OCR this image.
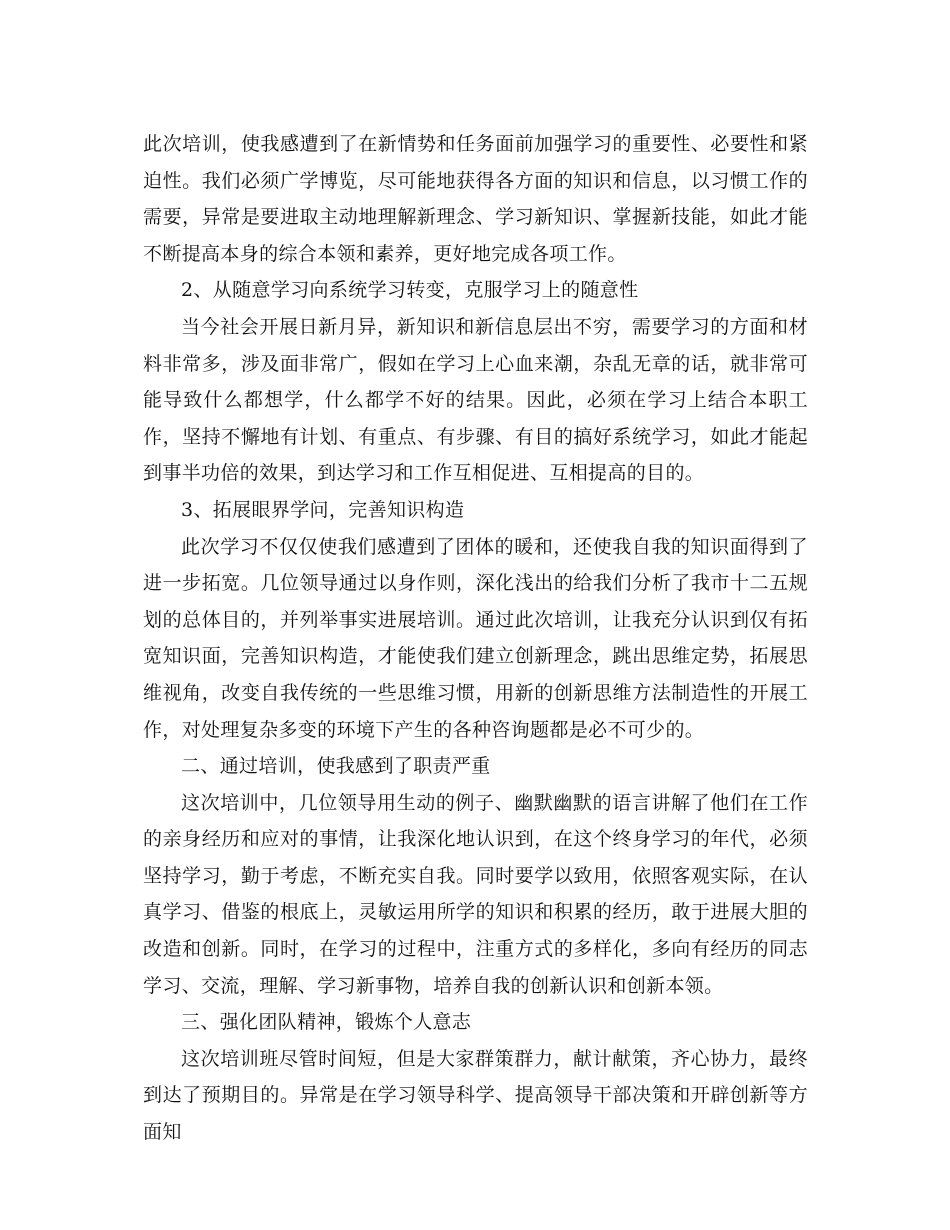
此次培训，使我感遭到了在新情势和任务面前加强学习的重要性、必要性和紧迫性。我们必须广学博览，尽可能地获得各方面的知识和信息，以习惯工作的需要，异常是要进取主动地理解新理念、学习新知识、掌握新技能，如此才能不断提高本身的综合本领和素养，更好地完成各项工作。

2、从随意学习向系统学习转变，克服学习上的随意性

当今社会开展日新月异，新知识和新信息层出不穷，需要学习的方面和材料非常多，涉及面非常广，假如在学习上心血来潮，杂乱无章的话，就非常可能导致什么都想学，什么都学不好的结果。因此，必须在学习上结合本职工作，坚持不懈地有计划、有重点、有步骤、有目的搞好系统学习，如此才能起到事半功倍的效果，到达学习和工作互相促进、互相提高的目的。

3、拓展眼界学问，完善知识构造

此次学习不仅仅使我们感遭到了团体的暖和，还使我自我的知识面得到了进一步拓宽。几位领导通过以身作则，深化浅出的给我们分析了我市十二五规划的总体目的，并列举事实进展培训。通过此次培训，让我充分认识到仅有拓宽知识面，完善知识构造，才能使我们建立创新理念，跳出思维定势，拓展思维视角，改变自我传统的一些思维习惯，用新的创新思维方法制造性的开展工作，对处理复杂多变的环境下产生的各种咨询题都是必不可少的。

二、通过培训，使我感到了职责严重

这次培训中，几位领导用生动的例子、幽默幽默的语言讲解了他们在工作的亲身经历和应对的事情，让我深化地认识到，在这个终身学习的年代，必须坚持学习，勤于考虑，不断充实自我。同时要学以致用，依照客观实际，在认真学习、借鉴的根底上，灵敏运用所学的知识和积累的经历，敢于进展大胆的改造和创新。同时，在学习的过程中，注重方式的多样化，多向有经历的同志学习、交流，理解、学习新事物，培养自我的创新认识和创新本领。

三、强化团队精神，锻炼个人意志

这次培训班尽管时间短，但是大家群策群力，献计献策，齐心协力，最终到达了预期目的。异常是在学习领导科学、提高领导干部决策和开辟创新等方面知
